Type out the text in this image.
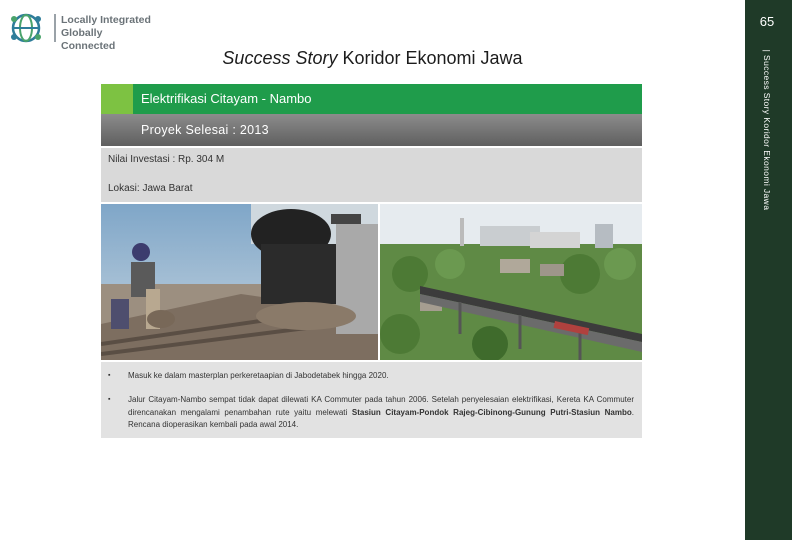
Locally Integrated
Globally Connected
65
| Success Story Koridor Ekonomi Jawa
Success Story Koridor Ekonomi Jawa
Elektrifikasi Citayam - Nambo
Proyek Selesai : 2013
Nilai Investasi : Rp. 304 M
Lokasi: Jawa Barat
▪ Masuk ke dalam masterplan perkeretaapian di Jabodetabek hingga 2020.
▪ Jalur Citayam-Nambo sempat tidak dapat dilewati KA Commuter pada tahun 2006. Setelah penyelesaian elektrifikasi, Kereta KA Commuter direncanakan mengalami penambahan rute yaitu melewati Stasiun Citayam-Pondok Rajeg-Cibinong-Gunung Putri-Stasiun Nambo. Rencana dioperasikan kembali pada awal 2014.
